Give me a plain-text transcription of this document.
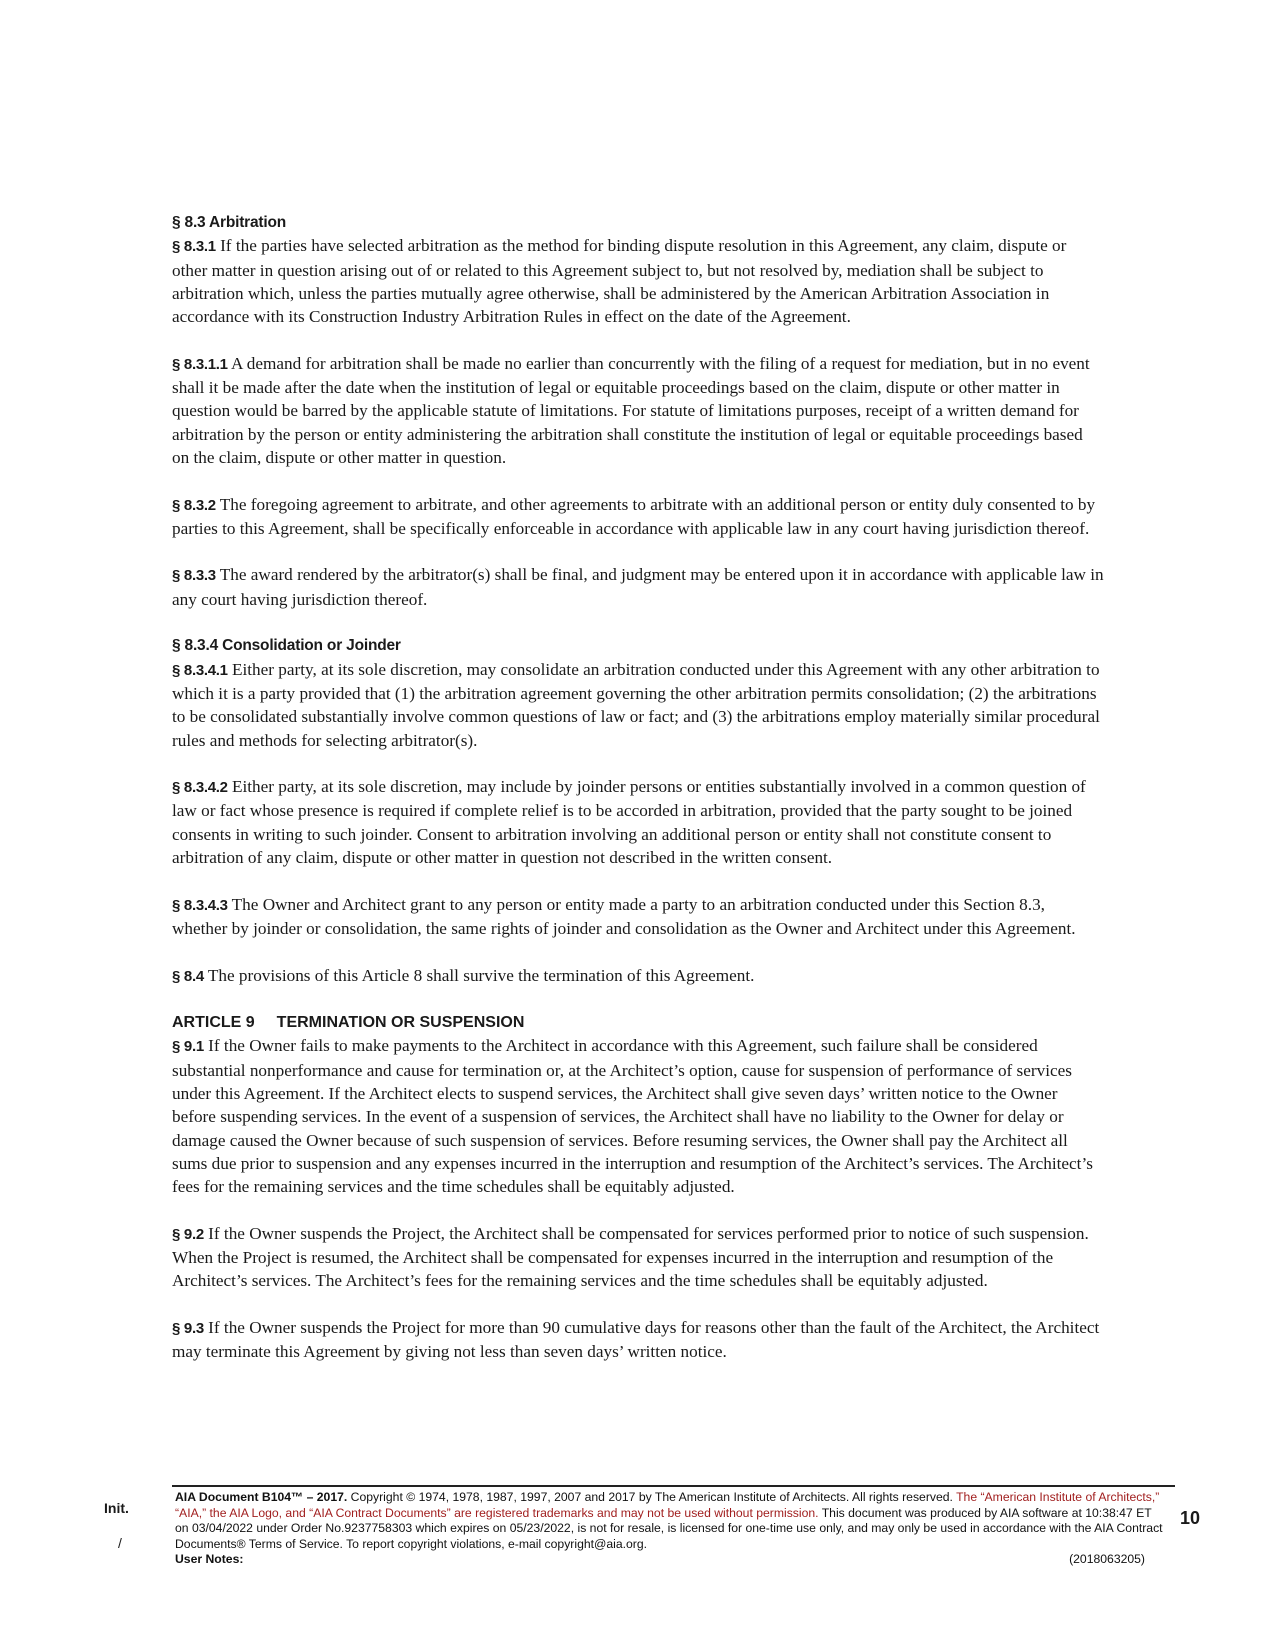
§ 8.3 Arbitration
§ 8.3.1 If the parties have selected arbitration as the method for binding dispute resolution in this Agreement, any claim, dispute or other matter in question arising out of or related to this Agreement subject to, but not resolved by, mediation shall be subject to arbitration which, unless the parties mutually agree otherwise, shall be administered by the American Arbitration Association in accordance with its Construction Industry Arbitration Rules in effect on the date of the Agreement.
§ 8.3.1.1 A demand for arbitration shall be made no earlier than concurrently with the filing of a request for mediation, but in no event shall it be made after the date when the institution of legal or equitable proceedings based on the claim, dispute or other matter in question would be barred by the applicable statute of limitations. For statute of limitations purposes, receipt of a written demand for arbitration by the person or entity administering the arbitration shall constitute the institution of legal or equitable proceedings based on the claim, dispute or other matter in question.
§ 8.3.2 The foregoing agreement to arbitrate, and other agreements to arbitrate with an additional person or entity duly consented to by parties to this Agreement, shall be specifically enforceable in accordance with applicable law in any court having jurisdiction thereof.
§ 8.3.3 The award rendered by the arbitrator(s) shall be final, and judgment may be entered upon it in accordance with applicable law in any court having jurisdiction thereof.
§ 8.3.4 Consolidation or Joinder
§ 8.3.4.1 Either party, at its sole discretion, may consolidate an arbitration conducted under this Agreement with any other arbitration to which it is a party provided that (1) the arbitration agreement governing the other arbitration permits consolidation; (2) the arbitrations to be consolidated substantially involve common questions of law or fact; and (3) the arbitrations employ materially similar procedural rules and methods for selecting arbitrator(s).
§ 8.3.4.2 Either party, at its sole discretion, may include by joinder persons or entities substantially involved in a common question of law or fact whose presence is required if complete relief is to be accorded in arbitration, provided that the party sought to be joined consents in writing to such joinder. Consent to arbitration involving an additional person or entity shall not constitute consent to arbitration of any claim, dispute or other matter in question not described in the written consent.
§ 8.3.4.3 The Owner and Architect grant to any person or entity made a party to an arbitration conducted under this Section 8.3, whether by joinder or consolidation, the same rights of joinder and consolidation as the Owner and Architect under this Agreement.
§ 8.4 The provisions of this Article 8 shall survive the termination of this Agreement.
ARTICLE 9 TERMINATION OR SUSPENSION
§ 9.1 If the Owner fails to make payments to the Architect in accordance with this Agreement, such failure shall be considered substantial nonperformance and cause for termination or, at the Architect’s option, cause for suspension of performance of services under this Agreement. If the Architect elects to suspend services, the Architect shall give seven days’ written notice to the Owner before suspending services. In the event of a suspension of services, the Architect shall have no liability to the Owner for delay or damage caused the Owner because of such suspension of services. Before resuming services, the Owner shall pay the Architect all sums due prior to suspension and any expenses incurred in the interruption and resumption of the Architect’s services. The Architect’s fees for the remaining services and the time schedules shall be equitably adjusted.
§ 9.2 If the Owner suspends the Project, the Architect shall be compensated for services performed prior to notice of such suspension. When the Project is resumed, the Architect shall be compensated for expenses incurred in the interruption and resumption of the Architect’s services. The Architect’s fees for the remaining services and the time schedules shall be equitably adjusted.
§ 9.3 If the Owner suspends the Project for more than 90 cumulative days for reasons other than the fault of the Architect, the Architect may terminate this Agreement by giving not less than seven days’ written notice.
Init.
/
AIA Document B104™ – 2017. Copyright © 1974, 1978, 1987, 1997, 2007 and 2017 by The American Institute of Architects. All rights reserved. The “American Institute of Architects,” “AIA,” the AIA Logo, and “AIA Contract Documents” are registered trademarks and may not be used without permission. This document was produced by AIA software at 10:38:47 ET on 03/04/2022 under Order No.9237758303 which expires on 05/23/2022, is not for resale, is licensed for one-time use only, and may only be used in accordance with the AIA Contract Documents® Terms of Service. To report copyright violations, e-mail copyright@aia.org.
User Notes:	(2018063205)
10
